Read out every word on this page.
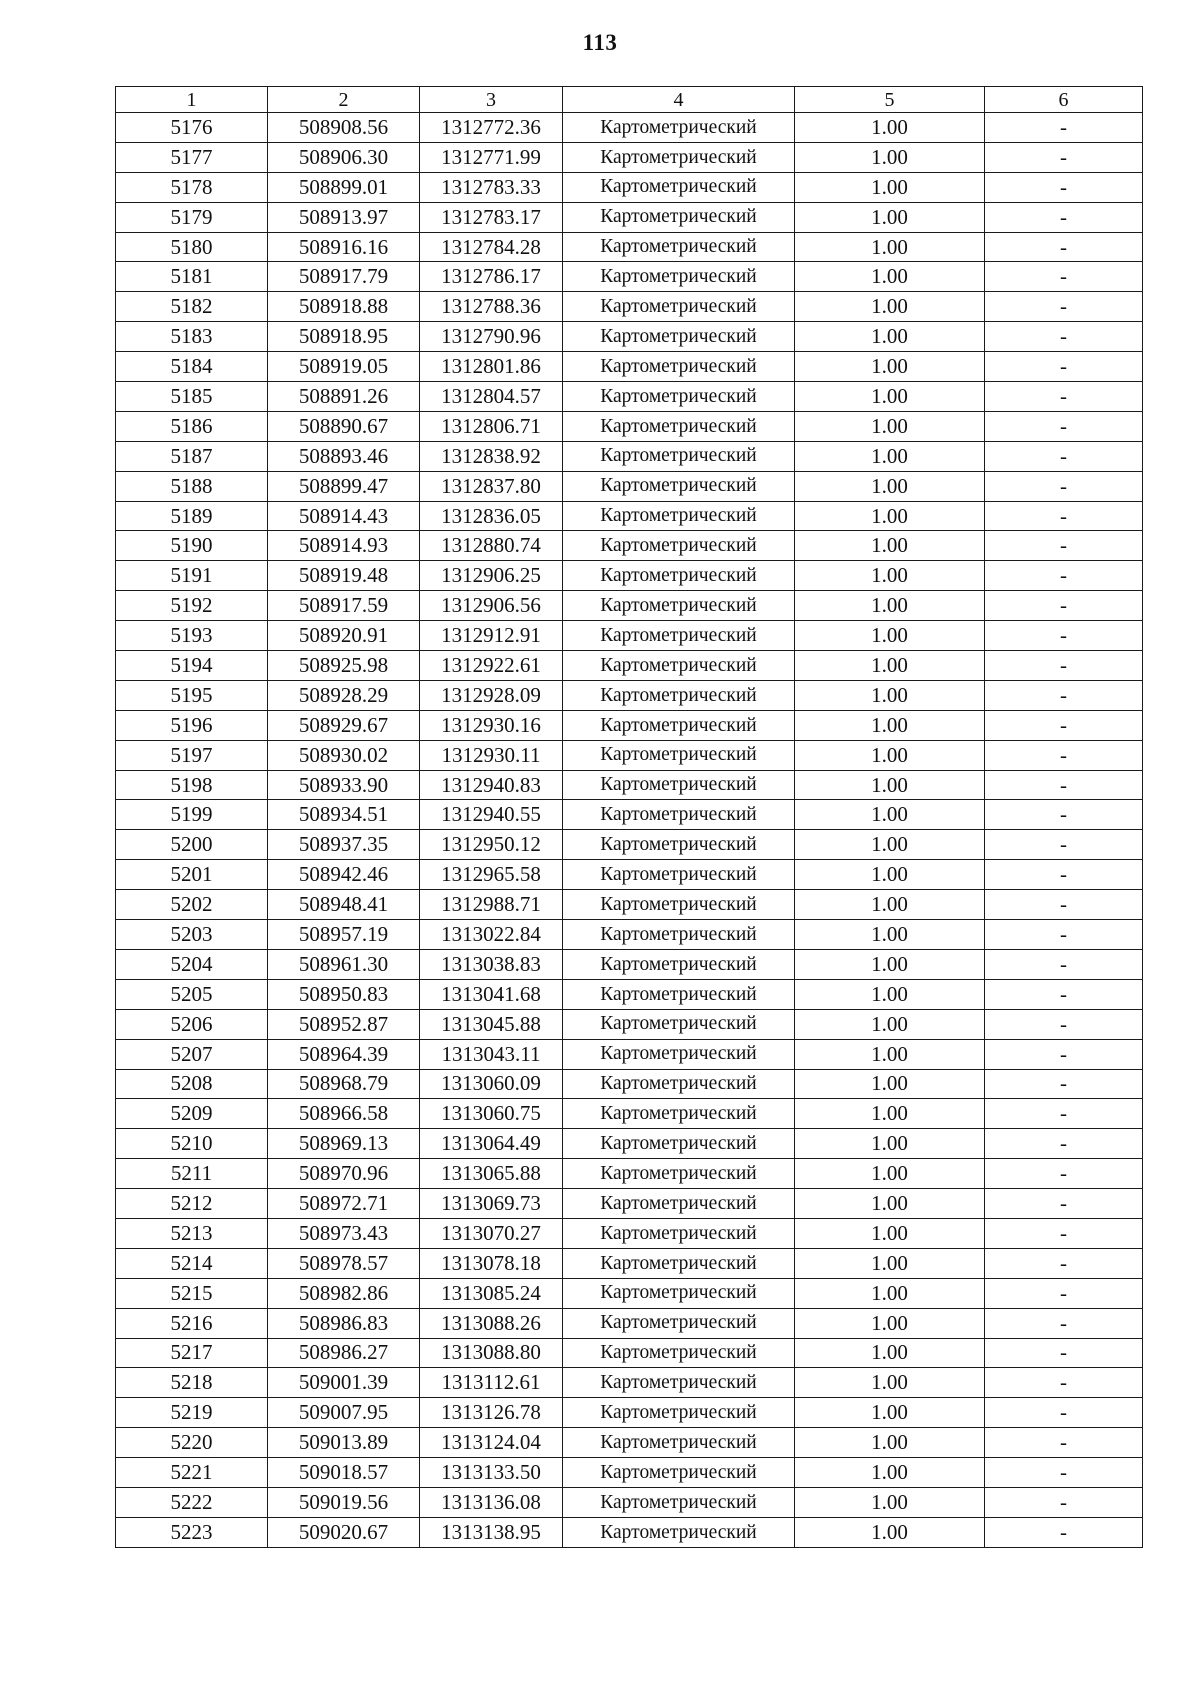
113
1	2	3	4	5	6
5176	508908.56	1312772.36	Картометрический	1.00	-
5177	508906.30	1312771.99	Картометрический	1.00	-
5178	508899.01	1312783.33	Картометрический	1.00	-
5179	508913.97	1312783.17	Картометрический	1.00	-
5180	508916.16	1312784.28	Картометрический	1.00	-
5181	508917.79	1312786.17	Картометрический	1.00	-
5182	508918.88	1312788.36	Картометрический	1.00	-
5183	508918.95	1312790.96	Картометрический	1.00	-
5184	508919.05	1312801.86	Картометрический	1.00	-
5185	508891.26	1312804.57	Картометрический	1.00	-
5186	508890.67	1312806.71	Картометрический	1.00	-
5187	508893.46	1312838.92	Картометрический	1.00	-
5188	508899.47	1312837.80	Картометрический	1.00	-
5189	508914.43	1312836.05	Картометрический	1.00	-
5190	508914.93	1312880.74	Картометрический	1.00	-
5191	508919.48	1312906.25	Картометрический	1.00	-
5192	508917.59	1312906.56	Картометрический	1.00	-
5193	508920.91	1312912.91	Картометрический	1.00	-
5194	508925.98	1312922.61	Картометрический	1.00	-
5195	508928.29	1312928.09	Картометрический	1.00	-
5196	508929.67	1312930.16	Картометрический	1.00	-
5197	508930.02	1312930.11	Картометрический	1.00	-
5198	508933.90	1312940.83	Картометрический	1.00	-
5199	508934.51	1312940.55	Картометрический	1.00	-
5200	508937.35	1312950.12	Картометрический	1.00	-
5201	508942.46	1312965.58	Картометрический	1.00	-
5202	508948.41	1312988.71	Картометрический	1.00	-
5203	508957.19	1313022.84	Картометрический	1.00	-
5204	508961.30	1313038.83	Картометрический	1.00	-
5205	508950.83	1313041.68	Картометрический	1.00	-
5206	508952.87	1313045.88	Картометрический	1.00	-
5207	508964.39	1313043.11	Картометрический	1.00	-
5208	508968.79	1313060.09	Картометрический	1.00	-
5209	508966.58	1313060.75	Картометрический	1.00	-
5210	508969.13	1313064.49	Картометрический	1.00	-
5211	508970.96	1313065.88	Картометрический	1.00	-
5212	508972.71	1313069.73	Картометрический	1.00	-
5213	508973.43	1313070.27	Картометрический	1.00	-
5214	508978.57	1313078.18	Картометрический	1.00	-
5215	508982.86	1313085.24	Картометрический	1.00	-
5216	508986.83	1313088.26	Картометрический	1.00	-
5217	508986.27	1313088.80	Картометрический	1.00	-
5218	509001.39	1313112.61	Картометрический	1.00	-
5219	509007.95	1313126.78	Картометрический	1.00	-
5220	509013.89	1313124.04	Картометрический	1.00	-
5221	509018.57	1313133.50	Картометрический	1.00	-
5222	509019.56	1313136.08	Картометрический	1.00	-
5223	509020.67	1313138.95	Картометрический	1.00	-
